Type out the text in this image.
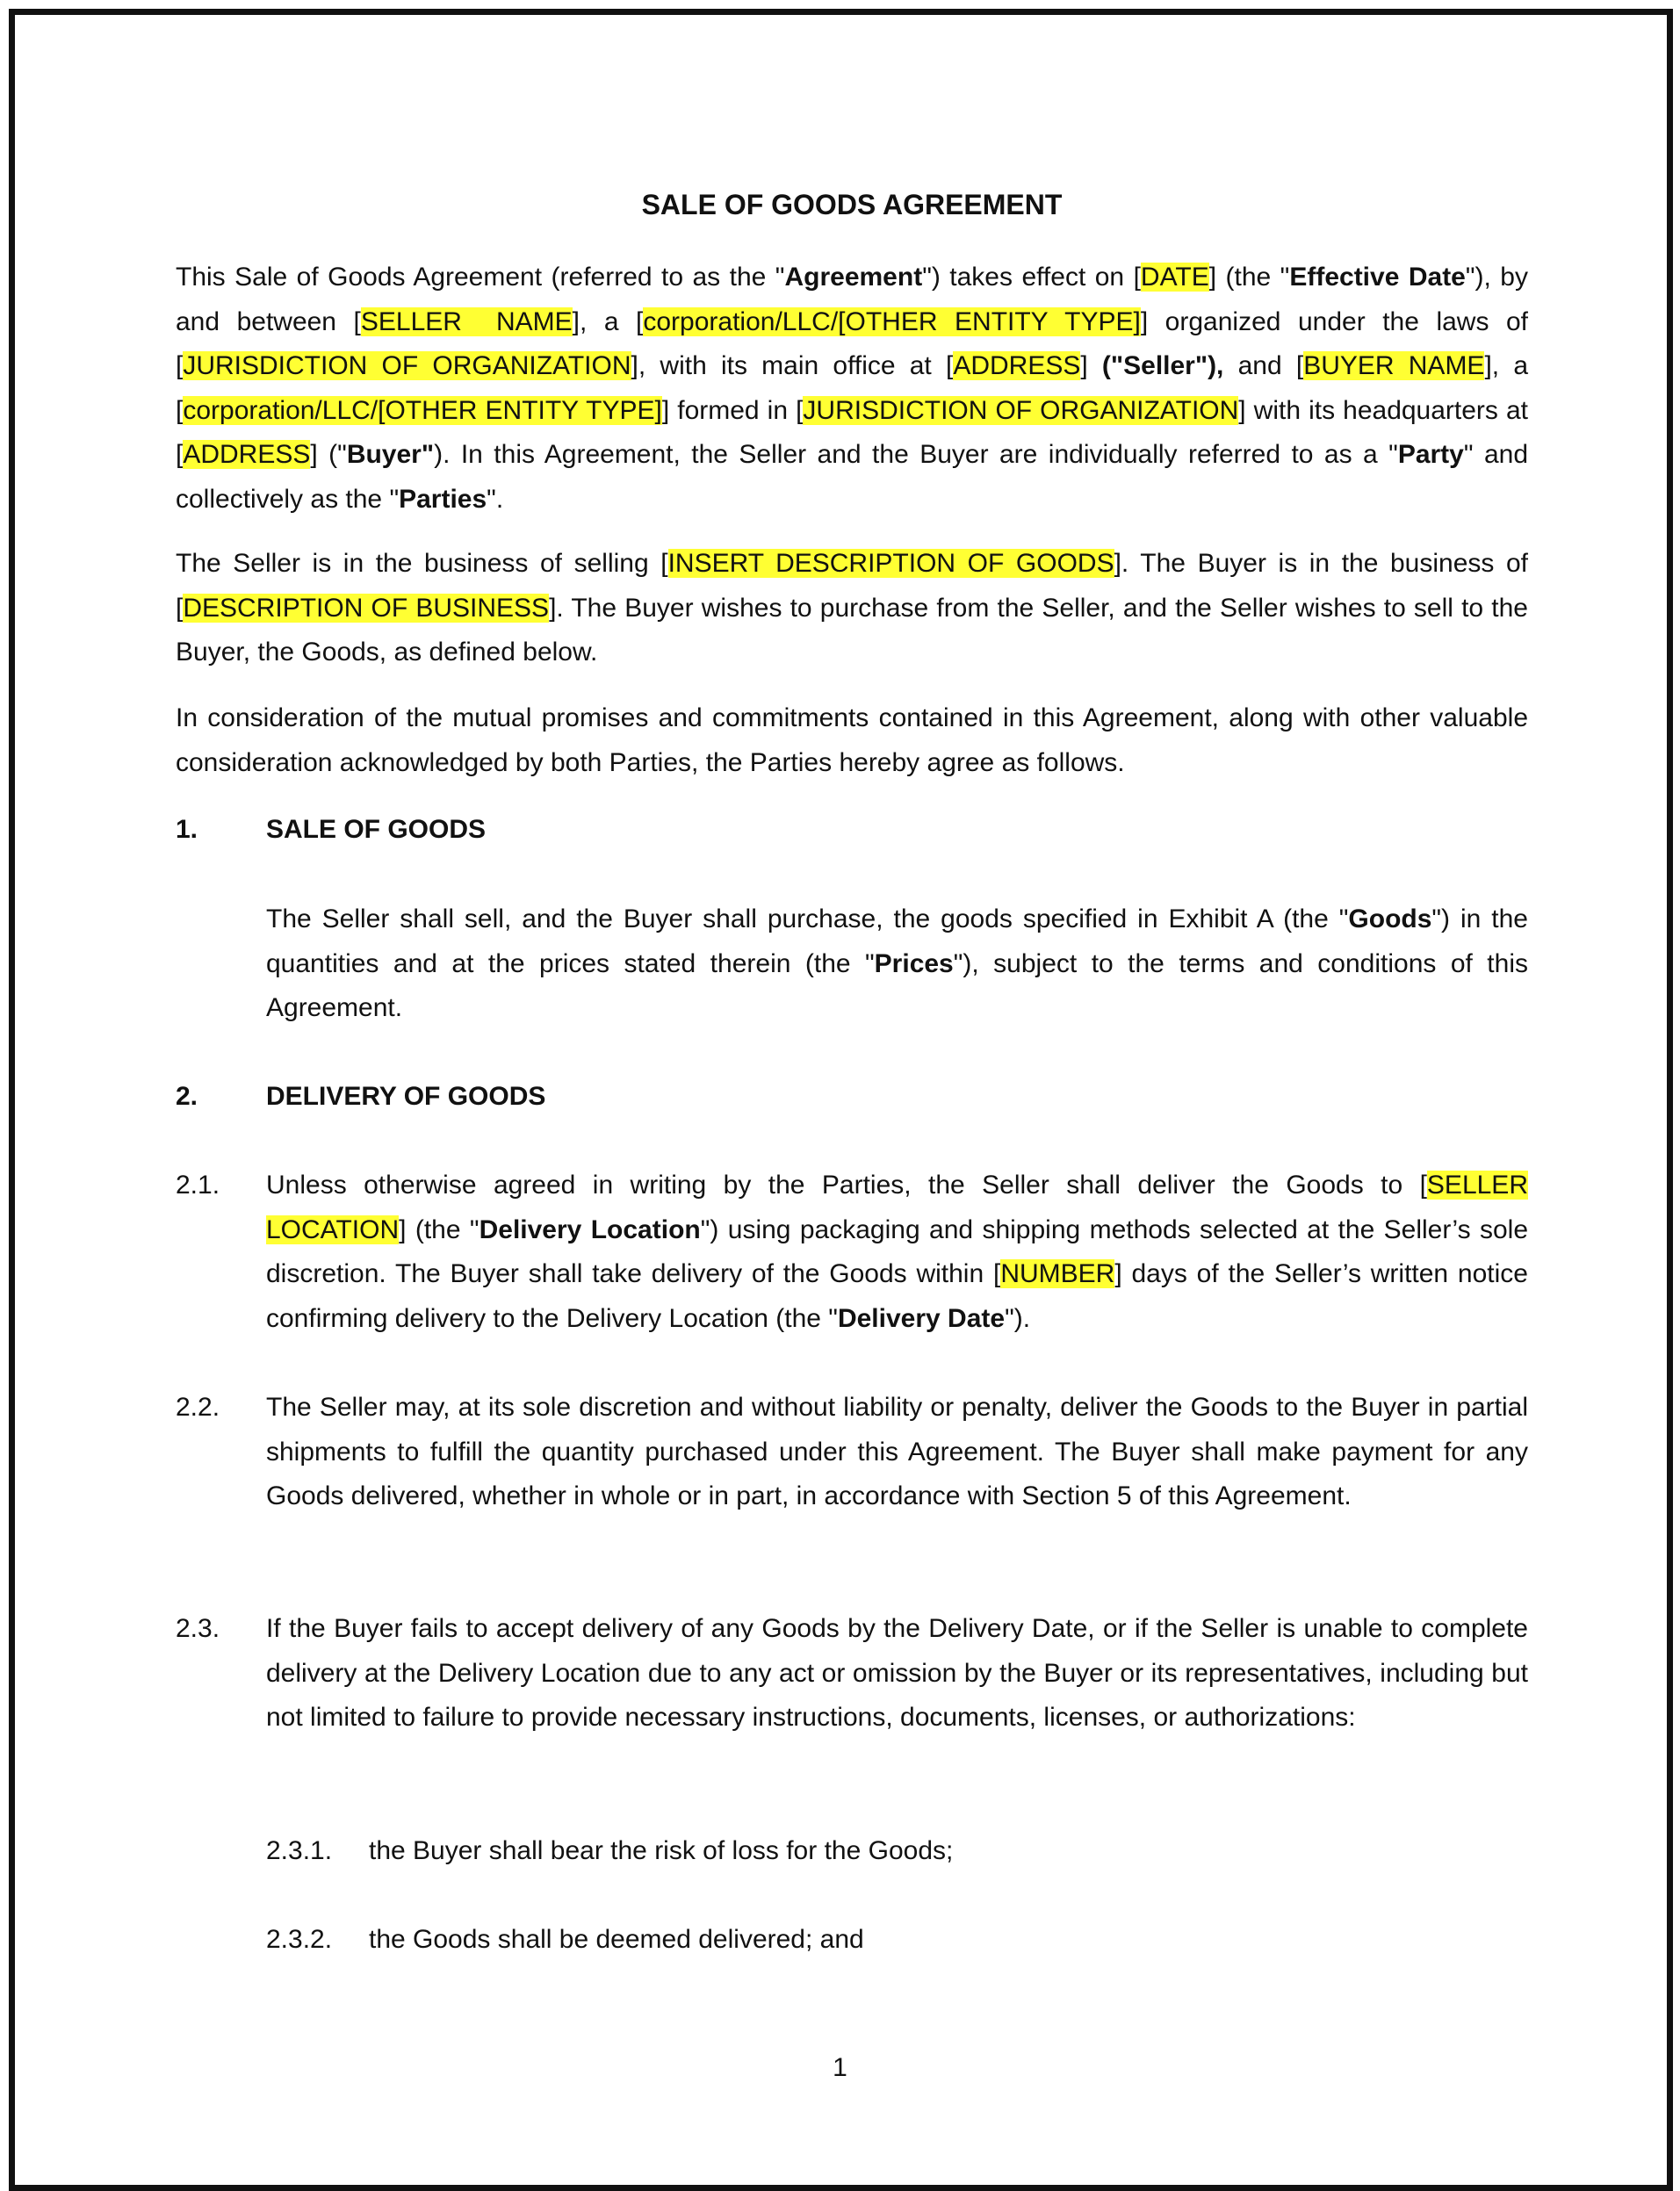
SALE OF GOODS AGREEMENT
This Sale of Goods Agreement (referred to as the "Agreement") takes effect on [DATE] (the "Effective Date"), by and between [SELLER  NAME], a [corporation/LLC/[OTHER ENTITY TYPE]] organized under the laws of [JURISDICTION OF ORGANIZATION], with its main office at [ADDRESS] ("Seller"), and [BUYER NAME], a [corporation/LLC/[OTHER ENTITY TYPE]] formed in [JURISDICTION OF ORGANIZATION] with its headquarters at [ADDRESS] ("Buyer"). In this Agreement, the Seller and the Buyer are individually referred to as a "Party" and collectively as the "Parties".
The Seller is in the business of selling [INSERT DESCRIPTION OF GOODS]. The Buyer is in the business of [DESCRIPTION OF BUSINESS]. The Buyer wishes to purchase from the Seller, and the Seller wishes to sell to the Buyer, the Goods, as defined below.
In consideration of the mutual promises and commitments contained in this Agreement, along with other valuable consideration acknowledged by both Parties, the Parties hereby agree as follows.
1.	SALE OF GOODS
The Seller shall sell, and the Buyer shall purchase, the goods specified in Exhibit A (the "Goods") in the quantities and at the prices stated therein (the "Prices"), subject to the terms and conditions of this Agreement.
2.	DELIVERY OF GOODS
2.1. Unless otherwise agreed in writing by the Parties, the Seller shall deliver the Goods to [SELLER LOCATION] (the "Delivery Location") using packaging and shipping methods selected at the Seller’s sole discretion. The Buyer shall take delivery of the Goods within [NUMBER] days of the Seller’s written notice confirming delivery to the Delivery Location (the "Delivery Date").
2.2. The Seller may, at its sole discretion and without liability or penalty, deliver the Goods to the Buyer in partial shipments to fulfill the quantity purchased under this Agreement. The Buyer shall make payment for any Goods delivered, whether in whole or in part, in accordance with Section 5 of this Agreement.
2.3. If the Buyer fails to accept delivery of any Goods by the Delivery Date, or if the Seller is unable to complete delivery at the Delivery Location due to any act or omission by the Buyer or its representatives, including but not limited to failure to provide necessary instructions, documents, licenses, or authorizations:
2.3.1. the Buyer shall bear the risk of loss for the Goods;
2.3.2. the Goods shall be deemed delivered; and
1
